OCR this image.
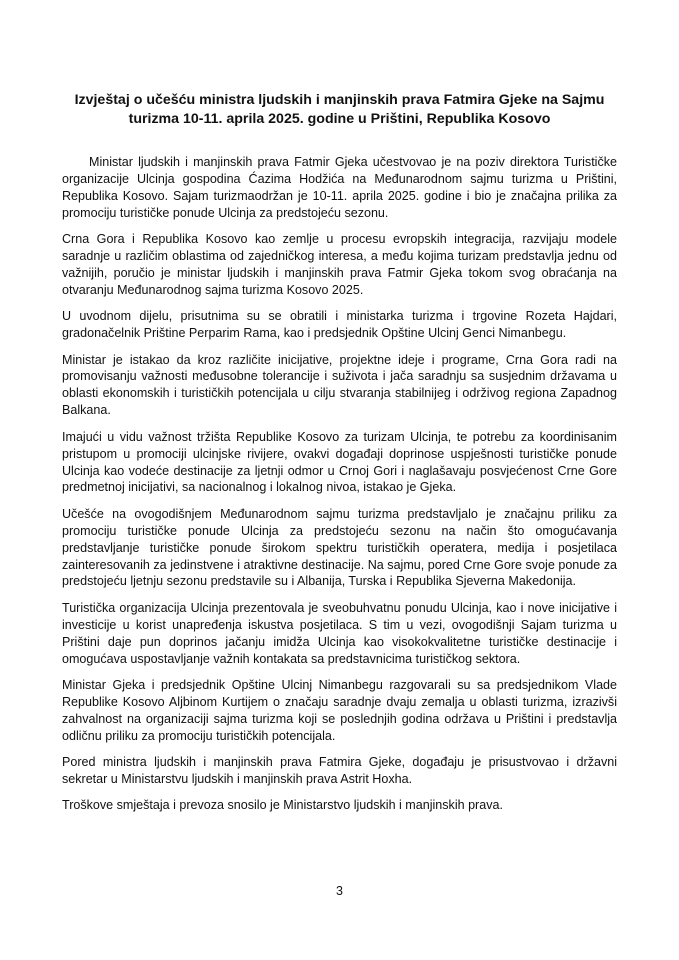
Izvještaj o učešću ministra ljudskih i manjinskih prava Fatmira Gjeke na Sajmu turizma 10-11. aprila 2025. godine u Prištini, Republika Kosovo

Ministar ljudskih i manjinskih prava Fatmir Gjeka učestvovao je na poziv direktora Turističke organizacije Ulcinja gospodina Ćazima Hodžića na Međunarodnom sajmu turizma u Prištini, Republika Kosovo. Sajam turizmaodržan je 10-11. aprila 2025. godine i bio je značajna prilika za promociju turističke ponude Ulcinja za predstojeću sezonu.

Crna Gora i Republika Kosovo kao zemlje u procesu evropskih integracija, razvijaju modele saradnje u različim oblastima od zajedničkog interesa, a među kojima turizam predstavlja jednu od važnijih, poručio je ministar ljudskih i manjinskih prava Fatmir Gjeka tokom svog obraćanja na otvaranju Međunarodnog sajma turizma Kosovo 2025.

U uvodnom dijelu, prisutnima su se obratili i ministarka turizma i trgovine Rozeta Hajdari, gradonačelnik Prištine Perparim Rama, kao i predsjednik Opštine Ulcinj Genci Nimanbegu.

Ministar je istakao da kroz različite inicijative, projektne ideje i programe, Crna Gora radi na promovisanju važnosti međusobne tolerancije i suživota i jača saradnju sa susjednim državama u oblasti ekonomskih i turističkih potencijala u cilju stvaranja stabilnijeg i održivog regiona Zapadnog Balkana.

Imajući u vidu važnost tržišta Republike Kosovo za turizam Ulcinja, te potrebu za koordinisanim pristupom u promociji ulcinjske rivijere, ovakvi događaji doprinose uspješnosti turističke ponude Ulcinja kao vodeće destinacije za ljetnji odmor u Crnoj Gori i naglašavaju posvjećenost Crne Gore predmetnoj inicijativi, sa nacionalnog i lokalnog nivoa, istakao je Gjeka.

Učešće na ovogodišnjem Međunarodnom sajmu turizma predstavljalo je značajnu priliku za promociju turističke ponude Ulcinja za predstojeću sezonu na način što omogućavanja predstavljanje turističke ponude širokom spektru turističkih operatera, medija i posjetilaca zainteresovanih za jedinstvene i atraktivne destinacije. Na sajmu, pored Crne Gore svoje ponude za predstojeću ljetnju sezonu predstavile su i Albanija, Turska i Republika Sjeverna Makedonija.

Turistička organizacija Ulcinja prezentovala je sveobuhvatnu ponudu Ulcinja, kao i nove inicijative i investicije u korist unapređenja iskustva posjetilaca. S tim u vezi, ovogodišnji Sajam turizma u Prištini daje pun doprinos jačanju imidža Ulcinja kao visokokvalitetne turističke destinacije i omogućava uspostavljanje važnih kontakata sa predstavnicima turističkog sektora.

Ministar Gjeka i predsjednik Opštine Ulcinj Nimanbegu razgovarali su sa predsjednikom Vlade Republike Kosovo Aljbinom Kurtijem o značaju saradnje dvaju zemalja u oblasti turizma, izrazivši zahvalnost na organizaciji sajma turizma koji se poslednjih godina održava u Prištini i predstavlja odličnu priliku za promociju turističkih potencijala.

Pored ministra ljudskih i manjinskih prava Fatmira Gjeke, događaju je prisustvovao i državni sekretar u Ministarstvu ljudskih i manjinskih prava Astrit Hoxha.

Troškove smještaja i prevoza snosilo je Ministarstvo ljudskih i manjinskih prava.

3
